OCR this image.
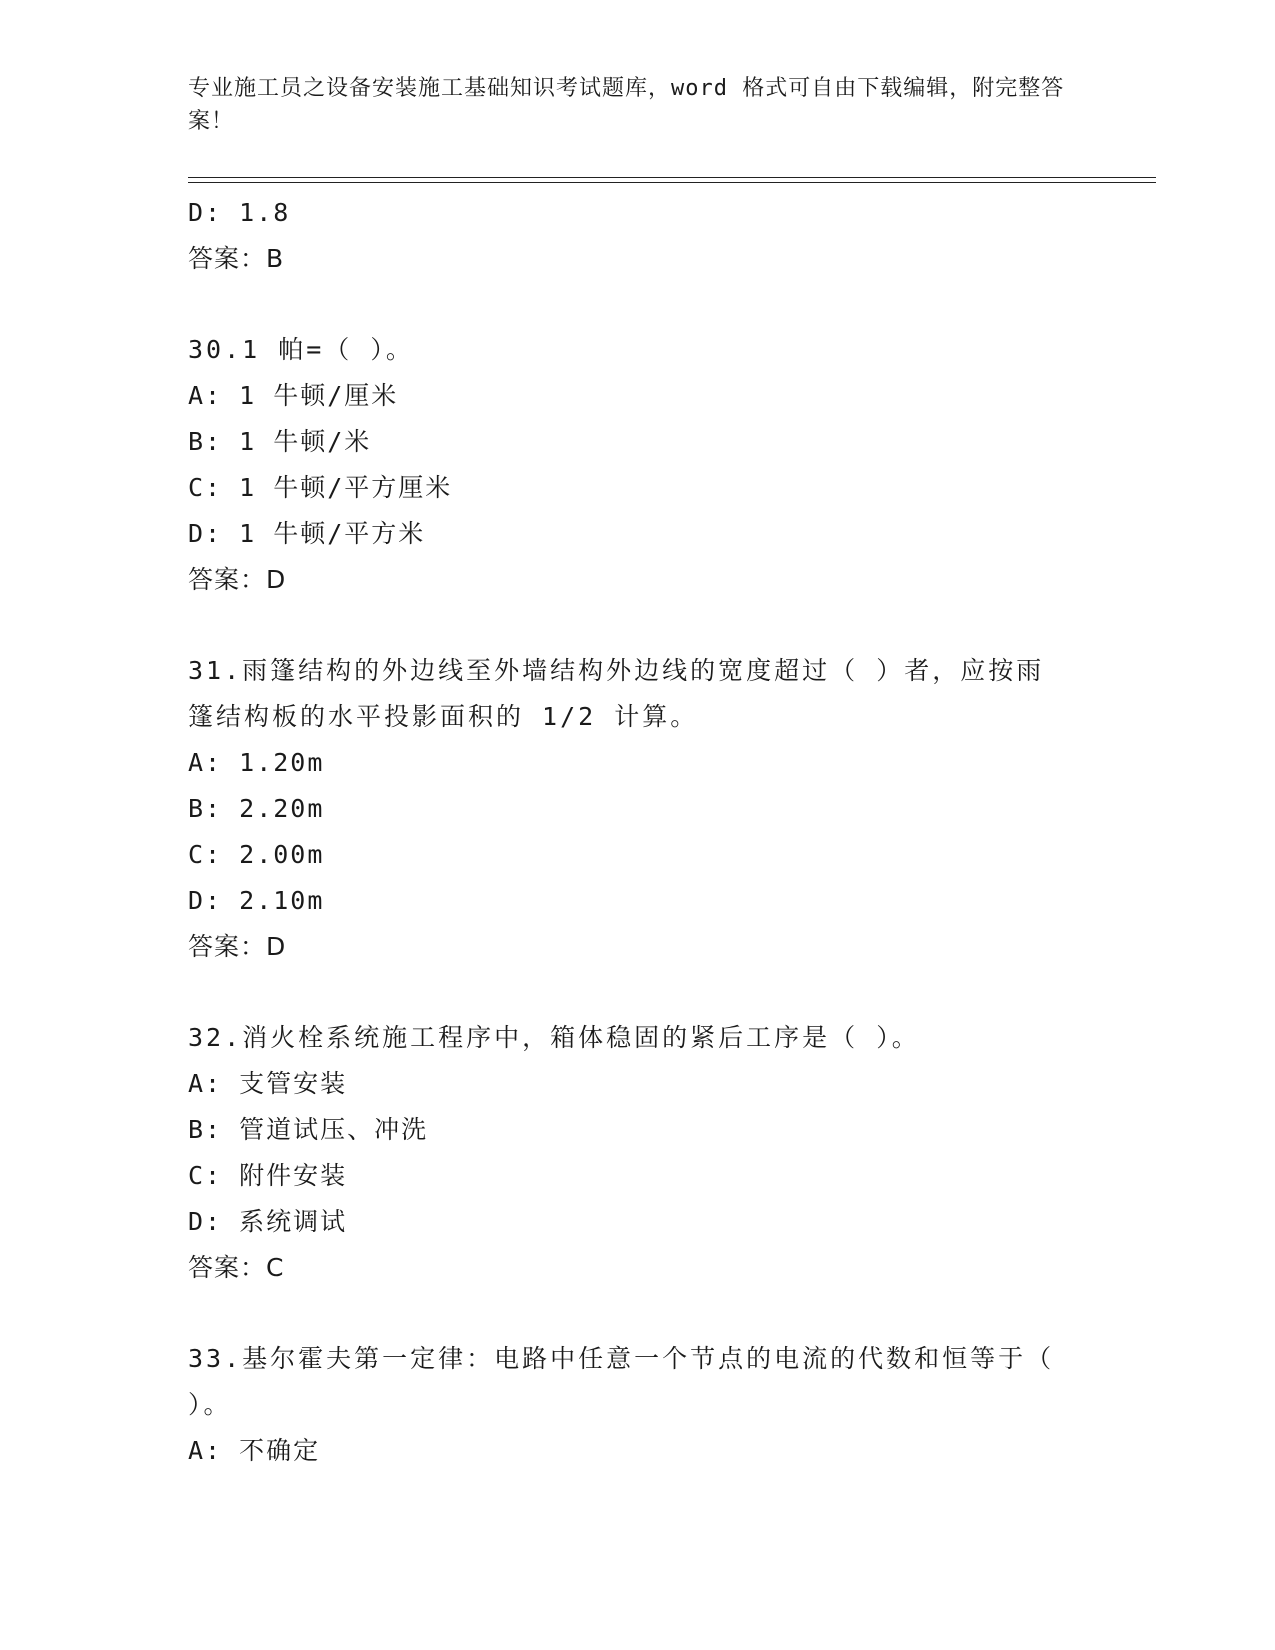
专业施工员之设备安装施工基础知识考试题库，word 格式可自由下载编辑，附完整答案！
D: 1.8
答案：B
30.1 帕=（ ）。
A: 1 牛顿/厘米
B: 1 牛顿/米
C: 1 牛顿/平方厘米
D: 1 牛顿/平方米
答案：D
31.雨篷结构的外边线至外墙结构外边线的宽度超过（ ）者，应按雨篷结构板的水平投影面积的 1/2 计算。
A: 1.20m
B: 2.20m
C: 2.00m
D: 2.10m
答案：D
32.消火栓系统施工程序中，箱体稳固的紧后工序是（ ）。
A: 支管安装
B: 管道试压、冲洗
C: 附件安装
D: 系统调试
答案：C
33.基尔霍夫第一定律：电路中任意一个节点的电流的代数和恒等于（ ）。
A: 不确定
